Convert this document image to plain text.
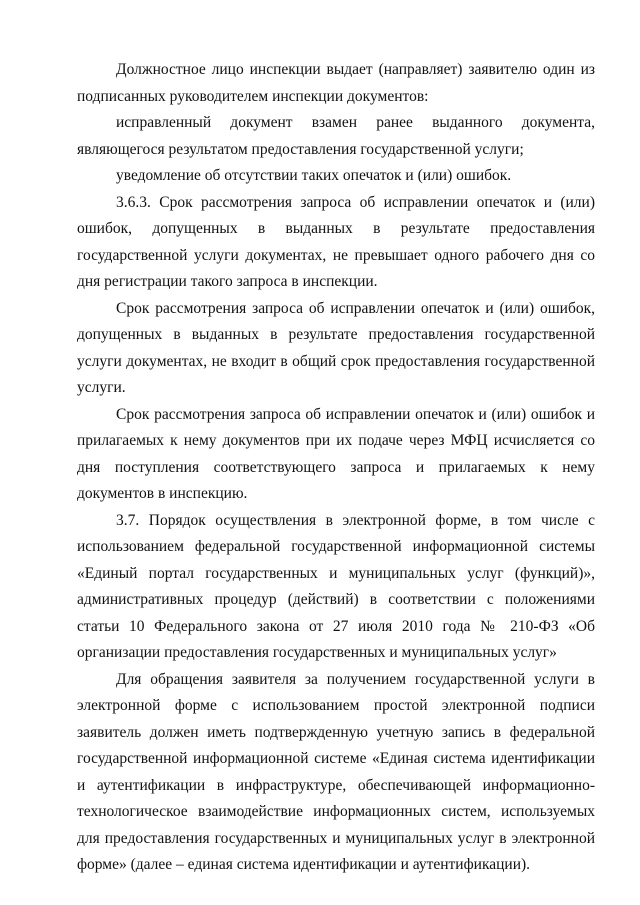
Должностное лицо инспекции выдает (направляет) заявителю один из подписанных руководителем инспекции документов:

исправленный документ взамен ранее выданного документа, являющегося результатом предоставления государственной услуги;

уведомление об отсутствии таких опечаток и (или) ошибок.

3.6.3. Срок рассмотрения запроса об исправлении опечаток и (или) ошибок, допущенных в выданных в результате предоставления государственной услуги документах, не превышает одного рабочего дня со дня регистрации такого запроса в инспекции.

Срок рассмотрения запроса об исправлении опечаток и (или) ошибок, допущенных в выданных в результате предоставления государственной услуги документах, не входит в общий срок предоставления государственной услуги.

Срок рассмотрения запроса об исправлении опечаток и (или) ошибок и прилагаемых к нему документов при их подаче через МФЦ исчисляется со дня поступления соответствующего запроса и прилагаемых к нему документов в инспекцию.

3.7. Порядок осуществления в электронной форме, в том числе с использованием федеральной государственной информационной системы «Единый портал государственных и муниципальных услуг (функций)», административных процедур (действий) в соответствии с положениями статьи 10 Федерального закона от 27 июля 2010 года № 210-ФЗ «Об организации предоставления государственных и муниципальных услуг»

Для обращения заявителя за получением государственной услуги в электронной форме с использованием простой электронной подписи заявитель должен иметь подтвержденную учетную запись в федеральной государственной информационной системе «Единая система идентификации и аутентификации в инфраструктуре, обеспечивающей информационно-технологическое взаимодействие информационных систем, используемых для предоставления государственных и муниципальных услуг в электронной форме» (далее – единая система идентификации и аутентификации).
